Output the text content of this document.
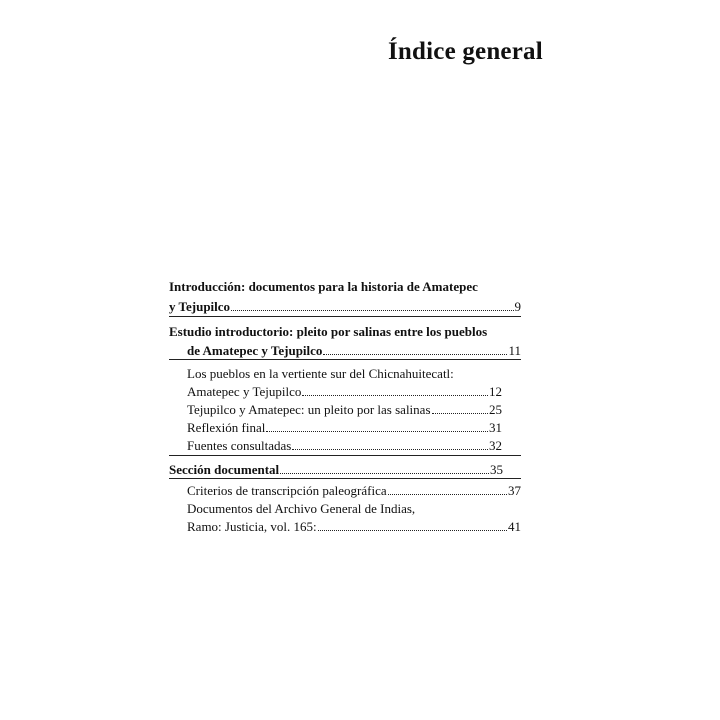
Índice general
Introducción: documentos para la historia de Amatepec
y Tejupilco	9
Estudio introductorio: pleito por salinas entre los pueblos
de Amatepec y Tejupilco	11
Los pueblos en la vertiente sur del Chicnahuitecatl:
Amatepec y Tejupilco	12
Tejupilco y Amatepec: un pleito por las salinas	25
Reflexión final	31
Fuentes consultadas	32
Sección documental	35
Criterios de transcripción paleográfica	37
Documentos del Archivo General de Indias,
Ramo: Justicia, vol. 165:	41
